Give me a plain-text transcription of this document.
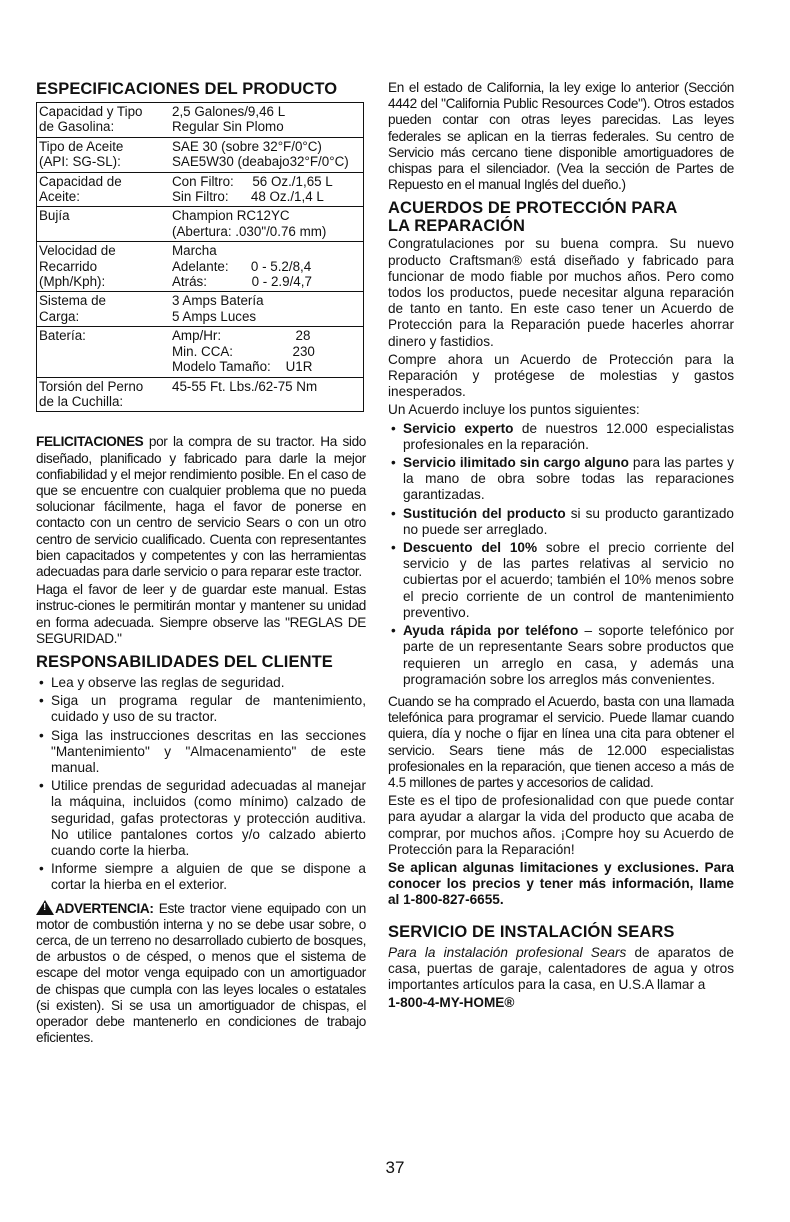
ESPECIFICACIONES DEL PRODUCTO
Capacidad y Tipo
de Gasolina:	2,5 Galones/9,46 L
Regular Sin Plomo
Tipo de Aceite
(API: SG-SL):	SAE 30 (sobre 32°F/0°C)
SAE5W30 (deabajo32°F/0°C)
Capacidad de
Aceite:	Con Filtro:     56 Oz./1,65 L
Sin Filtro:      48 Oz./1,4 L
Bujía	Champion RC12YC
(Abertura: .030"/0.76 mm)
Velocidad de
Recarrido
(Mph/Kph):	Marcha
Adelante:      0 - 5.2/8,4
Atrás:            0 - 2.9/4,7
Sistema de
Carga:	3 Amps Batería
5 Amps Luces
Batería:	Amp/Hr:                    28
Min. CCA:                230
Modelo Tamaño:    U1R
Torsión del Perno
de la Cuchilla:	45-55 Ft. Lbs./62-75 Nm

FELICITACIONES por la compra de su tractor. Ha sido diseñado, planificado y fabricado para darle la mejor confiabilidad y el mejor rendimiento posible. En el caso de que se encuentre con cualquier problema que no pueda solucionar fácilmente, haga el favor de ponerse en contacto con un centro de servicio Sears o con un otro centro de servicio cualificado. Cuenta con representantes bien capacitados y competentes y con las herramientas adecuadas para darle servicio o para reparar este tractor.

Haga el favor de leer y de guardar este manual. Estas instruc-ciones le permitirán montar y mantener su unidad en forma adecuada. Siempre observe las "REGLAS DE SEGURIDAD."

RESPONSABILIDADES DEL CLIENTE
• Lea y observe las reglas de seguridad.
• Siga un programa regular de mantenimiento, cuidado y uso de su tractor.
• Siga las instrucciones descritas en las secciones "Mantenimiento" y "Almacenamiento" de este manual.
• Utilice prendas de seguridad adecuadas al manejar la máquina, incluidos (como mínimo) calzado de seguridad, gafas protectoras y protección auditiva. No utilice pantalones cortos y/o calzado abierto cuando corte la hierba.
• Informe siempre a alguien de que se dispone a cortar la hierba en el exterior.

! ADVERTENCIA: Este tractor viene equipado con un motor de combustión interna y no se debe usar sobre, o cerca, de un terreno no desarrollado cubierto de bosques, de arbustos o de césped, o menos que el sistema de escape del motor venga equipado con un amortiguador de chispas que cumpla con las leyes locales o estatales (si existen). Si se usa un amortiguador de chispas, el operador debe mantenerlo en condiciones de trabajo eficientes.

En el estado de California, la ley exige lo anterior (Sección 4442 del "California Public Resources Code"). Otros estados pueden contar con otras leyes parecidas. Las leyes federales se aplican en la tierras federales. Su centro de Servicio más cercano tiene disponible amortiguadores de chispas para el silenciador. (Vea la sección de Partes de Repuesto en el manual Inglés del dueño.)

ACUERDOS DE PROTECCIÓN PARA
LA REPARACIÓN

Congratulaciones por su buena compra. Su nuevo producto Craftsman® está diseñado y fabricado para funcionar de modo fiable por muchos años. Pero como todos los productos, puede necesitar alguna reparación de tanto en tanto. En este caso tener un Acuerdo de Protección para la Reparación puede hacerles ahorrar dinero y fastidios.

Compre ahora un Acuerdo de Protección para la Reparación y protégese de molestias y gastos inesperados.

Un Acuerdo incluye los puntos siguientes:

• Servicio experto de nuestros 12.000 especialistas profesionales en la reparación.
• Servicio ilimitado sin cargo alguno para las partes y la mano de obra sobre todas las reparaciones garantizadas.
• Sustitución del producto si su producto garantizado no puede ser arreglado.
• Descuento del 10% sobre el precio corriente del servicio y de las partes relativas al servicio no cubiertas por el acuerdo; también el 10% menos sobre el precio corriente de un control de mantenimiento preventivo.
• Ayuda rápida por teléfono – soporte telefónico por parte de un representante Sears sobre productos que requieren un arreglo en casa, y además una programación sobre los arreglos más convenientes.

Cuando se ha comprado el Acuerdo, basta con una llamada telefónica para programar el servicio. Puede llamar cuando quiera, día y noche o fijar en línea una cita para obtener el servicio. Sears tiene más de 12.000 especialistas profesionales en la reparación, que tienen acceso a más de 4.5 millones de partes y accesorios de calidad.

Este es el tipo de profesionalidad con que puede contar para ayudar a alargar la vida del producto que acaba de comprar, por muchos años. ¡Compre hoy su Acuerdo de Protección para la Reparación!

Se aplican algunas limitaciones y exclusiones. Para conocer los precios y tener más información, llame al 1-800-827-6655.

SERVICIO DE INSTALACIÓN SEARS

Para la instalación profesional Sears de aparatos de casa, puertas de garaje, calentadores de agua y otros importantes artículos para la casa, en U.S.A llamar a

1-800-4-MY-HOME®

37
